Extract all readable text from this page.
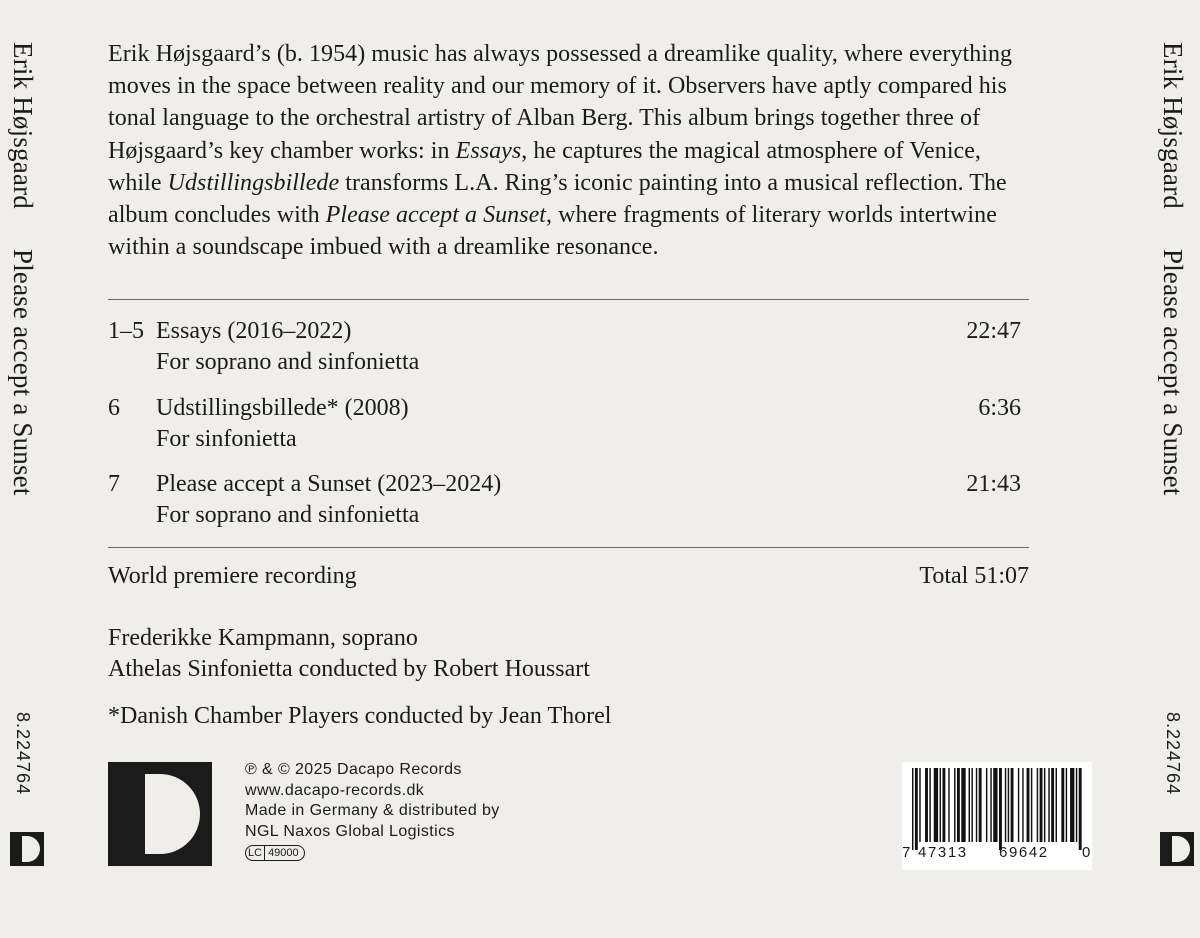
Erik HøjsgaardPlease accept a Sunset
8.224764
Erik HøjsgaardPlease accept a Sunset
8.224764
Erik Højsgaard’s (b. 1954) music has always possessed a dreamlike quality, where everything moves in the space between reality and our memory of it. Observers have aptly compared his tonal language to the orchestral artistry of Alban Berg. This album brings together three of Højsgaard’s key chamber works: in Essays, he captures the magical atmosphere of Venice, while Udstillingsbillede transforms L.A. Ring’s iconic painting into a musical reflection. The album concludes with Please accept a Sunset, where fragments of literary worlds intertwine within a soundscape imbued with a dreamlike resonance.
1–5 Essays (2016–2022)
For soprano and sinfonietta
22:47
6 Udstillingsbillede* (2008)
For sinfonietta
6:36
7 Please accept a Sunset (2023–2024)
For soprano and sinfonietta
21:43
World premiere recording	Total 51:07
Frederikke Kampmann, soprano
Athelas Sinfonietta conducted by Robert Houssart
*Danish Chamber Players conducted by Jean Thorel
℗ & © 2025 Dacapo Records
www.dacapo-records.dk
Made in Germany & distributed by
NGL Naxos Global Logistics
LC 49000	7 47313 69642 0
